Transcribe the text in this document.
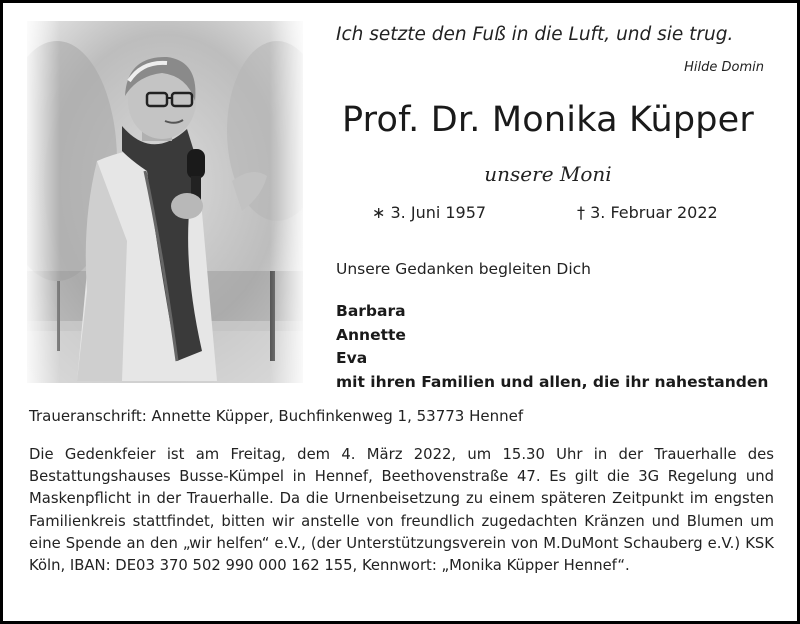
Ich setzte den Fuß in die Luft, und sie trug.
Hilde Domin
Prof. Dr. Monika Küpper
unsere Moni
∗ 3. Juni 1957	† 3. Februar 2022
Unsere Gedanken begleiten Dich
Barbara
Annette
Eva
mit ihren Familien und allen, die ihr nahestanden
Traueranschrift: Annette Küpper, Buchfinkenweg 1, 53773 Hennef
Die Gedenkfeier ist am Freitag, dem 4. März 2022, um 15.30 Uhr in der Trauerhalle des Bestattungshauses Busse-Kümpel in Hennef, Beethovenstraße 47. Es gilt die 3G Regelung und Maskenpflicht in der Trauerhalle. Da die Urnenbeisetzung zu einem späteren Zeitpunkt im engsten Familienkreis stattfindet, bitten wir anstelle von freundlich zugedachten Kränzen und Blumen um eine Spende an den „wir helfen“ e.V., (der Unterstützungsverein von M.DuMont Schauberg e.V.) KSK Köln, IBAN: DE03 370 502 990 000 162 155, Kennwort: „Monika Küpper Hennef“.
